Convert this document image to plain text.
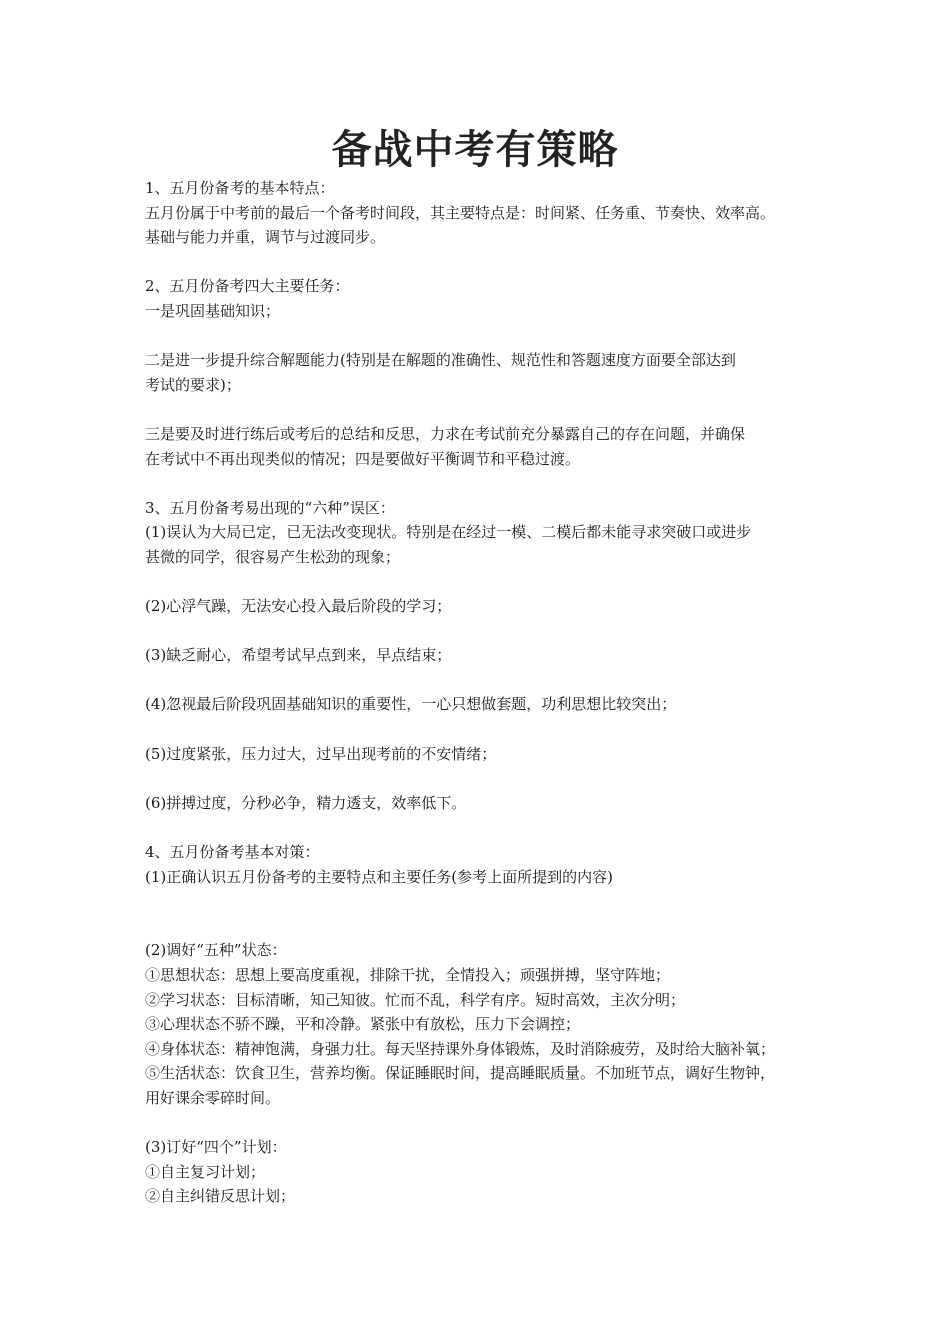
备战中考有策略
1、五月份备考的基本特点：
五月份属于中考前的最后一个备考时间段，其主要特点是：时间紧、任务重、节奏快、效率高。
基础与能力并重，调节与过渡同步。
2、五月份备考四大主要任务：
一是巩固基础知识；
二是进一步提升综合解题能力(特别是在解题的准确性、规范性和答题速度方面要全部达到
考试的要求)；
三是要及时进行练后或考后的总结和反思，力求在考试前充分暴露自己的存在问题，并确保
在考试中不再出现类似的情况；四是要做好平衡调节和平稳过渡。
3、五月份备考易出现的“六种”误区：
(1)误认为大局已定，已无法改变现状。特别是在经过一模、二模后都未能寻求突破口或进步
甚微的同学，很容易产生松劲的现象；
(2)心浮气躁，无法安心投入最后阶段的学习；
(3)缺乏耐心，希望考试早点到来，早点结束；
(4)忽视最后阶段巩固基础知识的重要性，一心只想做套题，功利思想比较突出；
(5)过度紧张，压力过大，过早出现考前的不安情绪；
(6)拼搏过度，分秒必争，精力透支，效率低下。
4、五月份备考基本对策：
(1)正确认识五月份备考的主要特点和主要任务(参考上面所提到的内容)
(2)调好“五种”状态：
①思想状态：思想上要高度重视，排除干扰，全情投入；顽强拼搏，坚守阵地；
②学习状态：目标清晰，知己知彼。忙而不乱，科学有序。短时高效，主次分明；
③心理状态不骄不躁，平和冷静。紧张中有放松，压力下会调控；
④身体状态：精神饱满，身强力壮。每天坚持课外身体锻炼，及时消除疲劳，及时给大脑补氧；
⑤生活状态：饮食卫生，营养均衡。保证睡眠时间，提高睡眠质量。不加班节点，调好生物钟，
用好课余零碎时间。
(3)订好“四个”计划：
①自主复习计划；
②自主纠错反思计划；
